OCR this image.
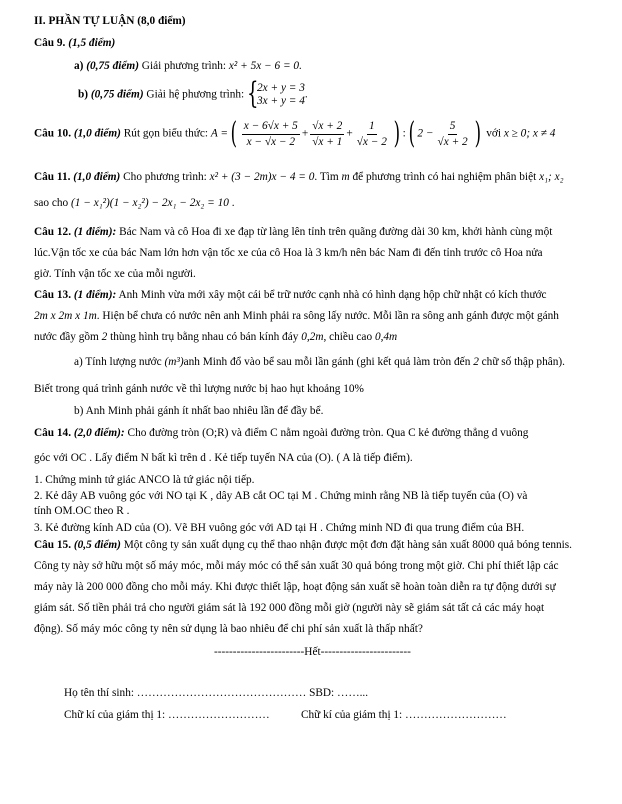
II. PHẦN TỰ LUẬN (8,0 điểm)
Câu 9. (1,5 điểm)
a) (0,75 điểm) Giải phương trình: x² + 5x − 6 = 0.
b) (0,75 điểm) Giải hệ phương trình: {
2x + y = 3
3x + y = 4
.
Câu 10. (1,0 điểm) Rút gọn biểu thức: A =( $\frac{x - 6√x + 5}{x - √x - 2} + \frac{√x + 2}{√x + 1} + \frac{1}{√x - 2}$ ) :( $2 - \frac{5}{√x + 2}$ ) với x ≥ 0; x ≠ 4
Câu 11. (1,0 điểm) Cho phương trình: x² + (3 − 2m)x − 4 = 0. Tìm m để phương trình có hai nghiệm phân biệt x₁; x₂
sao cho (1 − x₁²)(1 − x₂²) − 2x₁ − 2x₂ = 10 .
Câu 12. (1 điểm): Bác Nam và cô Hoa đi xe đạp từ làng lên tỉnh trên quãng đường dài 30 km, khởi hành cùng một
lúc.Vận tốc xe của bác Nam lớn hơn vận tốc xe của cô Hoa là 3 km/h nên bác Nam đi đến tỉnh trước cô Hoa nửa
giờ. Tính vận tốc xe của mỗi người.
Câu 13. (1 điểm): Anh Minh vừa mới xây một cái bể trữ nước cạnh nhà có hình dạng hộp chữ nhật có kích thước
2m x 2m x 1m. Hiện bể chưa có nước nên anh Minh phải ra sông lấy nước. Mỗi lần ra sông anh gánh được một gánh
nước đầy gồm 2 thùng hình trụ bằng nhau có bán kính đáy 0,2m, chiều cao 0,4m
a) Tính lượng nước (m³)anh Minh đổ vào bể sau mỗi lần gánh (ghi kết quả làm tròn đến 2 chữ số thập phân).
Biết trong quá trình gánh nước về thì lượng nước bị hao hụt khoảng 10%
b) Anh Minh phải gánh ít nhất bao nhiêu lần để đầy bể.
Câu 14. (2,0 điểm): Cho đường tròn (O;R) và điểm C nằm ngoài đường tròn. Qua C kẻ đường thẳng d vuông
góc với OC . Lấy điểm N bất kì trên d . Kẻ tiếp tuyến NA của (O). ( A là tiếp điểm).
1. Chứng minh tứ giác ANCO là tứ giác nội tiếp.
2. Kẻ dây AB vuông góc với NO tại K , dây AB cắt OC tại M . Chứng minh rằng NB là tiếp tuyến của (O) và
tính OM.OC theo R .
3. Kẻ đường kính AD của (O). Vẽ BH vuông góc với AD tại H . Chứng minh ND đi qua trung điểm của BH.
Câu 15. (0,5 điểm) Một công ty sản xuất dụng cụ thể thao nhận được một đơn đặt hàng sản xuất 8000 quả bóng tennis.
Công ty này sở hữu một số máy móc, mỗi máy móc có thể sản xuất 30 quả bóng trong một giờ. Chi phí thiết lập các
máy này là 200 000 đồng cho mỗi máy. Khi được thiết lập, hoạt động sản xuất sẽ hoàn toàn diễn ra tự động dưới sự
giám sát. Số tiền phải trả cho người giám sát là 192 000 đồng mỗi giờ (người này sẽ giám sát tất cả các máy hoạt
động). Số máy móc công ty nên sử dụng là bao nhiêu để chi phí sản xuất là thấp nhất?
------------------------Hết------------------------
Họ tên thí sinh: ……………………………………… SBD: ……...
Chữ kí của giám thị 1: ………………………	Chữ kí của giám thị 1: ………………………
